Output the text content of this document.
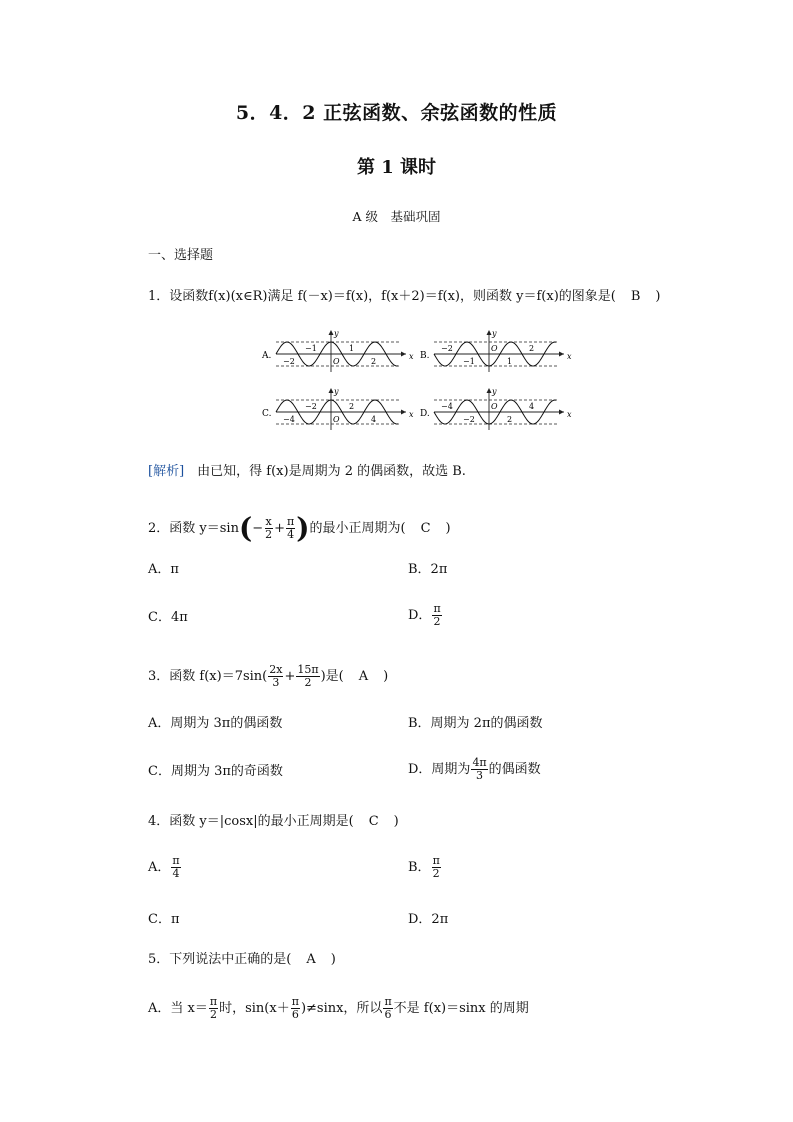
5．4．2 正弦函数、余弦函数的性质
第 1 课时
A 级　基础巩固
一、选择题
1．设函数f(x)(x∈R)满足 f(－x)＝f(x)，f(x＋2)＝f(x)，则函数 y＝f(x)的图象是(　B　)
A.	x
y
−2
−1
O
1
2
B.	x
y
−2
−1
O
1
2
C.	x
y
−4
−2
O
2
4
D.	x
y
−4
−2
O
2
4
[解析]　由已知，得 f(x)是周期为 2 的偶函数，故选 B.
2．函数 $y=\sin(- \frac{x}{2} + \frac{\pi}{4}$ )的最小正周期为(　C　)
A．π	B．2π
C．4π	D． $\frac{\pi}{2}$
3．函数 $f(x)=7\sin( \frac{2x}{3} + \frac{15\pi}{2}$ )是(　A　)
A．周期为 3π的偶函数	B．周期为 2π的偶函数
C．周期为 3π的奇函数	D．周期为 $\frac{4\pi}{3}$ 的偶函数
4．函数 y＝|cosx|的最小正周期是(　C　)
A． $\frac{\pi}{4}$	B． $\frac{\pi}{2}$
C．π	D．2π
5．下列说法中正确的是(　A　)
A．当 $x= \frac{\pi}{2}$ 时，$\sin(x+ \frac{\pi}{6} )\ne\sin x$，所以 $\frac{\pi}{6}$ 不是 f(x)＝sinx 的周期
